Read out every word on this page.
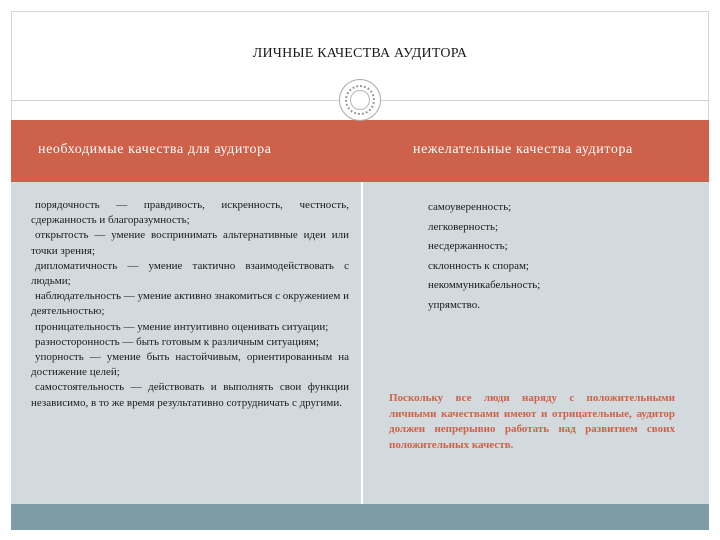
ЛИЧНЫЕ КАЧЕСТВА АУДИТОРА
необходимые качества для аудитора	нежелательные качества аудитора

порядочность — правдивость, искренность, честность, сдержанность и благоразумность;

открытость — умение воспринимать альтернативные идеи или точки зрения;

дипломатичность — умение тактично взаимодействовать с людьми;

наблюдательность — умение активно знакомиться с окружением и деятельностью;

проницательность — умение интуитивно оценивать ситуации;

разносторонность — быть готовым к различным ситуациям;

упорность — умение быть настойчивым, ориентированным на достижение целей;

самостоятельность — действовать и выполнять свои функции независимо, в то же время результативно сотрудничать с другими.

самоуверенность;
легковерность;
несдержанность;
склонность к спорам;
некоммуникабельность;
упрямство.
Поскольку все люди наряду с положительными личными качествами имеют и отрицательные, аудитор должен непрерывно работать над развитием своих положительных качеств.
